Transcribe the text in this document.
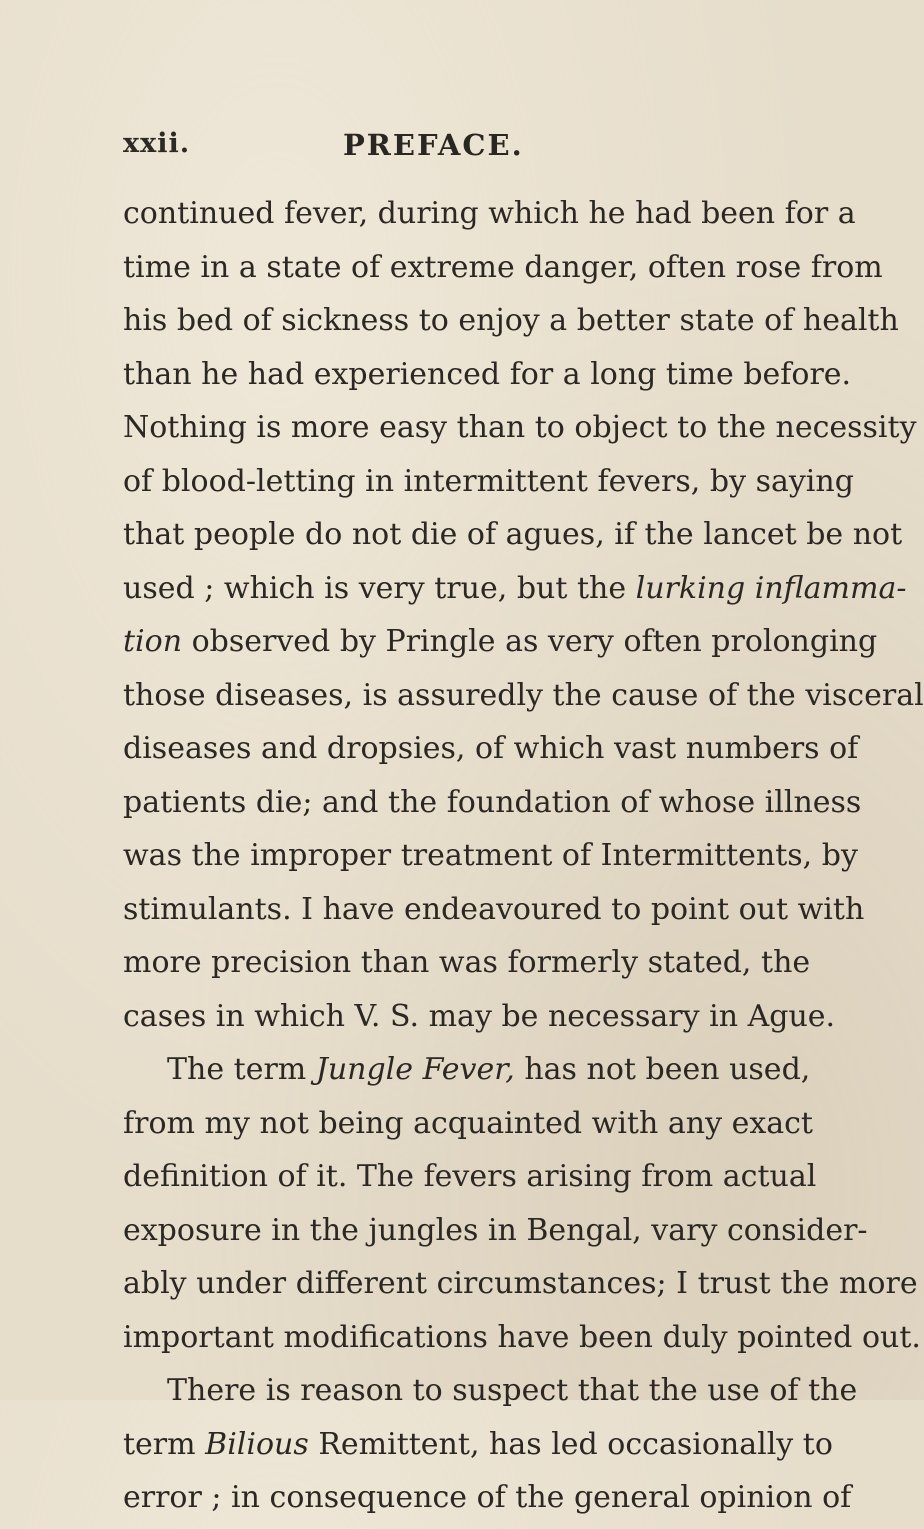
xxii.	PREFACE.
continued fever, during which he had been for a
time in a state of extreme danger, often rose from
his bed of sickness to enjoy a better state of health
than he had experienced for a long time before.
Nothing is more easy than to object to the necessity
of blood-letting in intermittent fevers, by saying
that people do not die of agues, if the lancet be not
used ; which is very true, but the lurking inflamma-
tion observed by Pringle as very often prolonging
those diseases, is assuredly the cause of the visceral
diseases and dropsies, of which vast numbers of
patients die; and the foundation of whose illness
was the improper treatment of Intermittents, by
stimulants. I have endeavoured to point out with
more precision than was formerly stated, the
cases in which V. S. may be necessary in Ague.
The term Jungle Fever, has not been used,
from my not being acquainted with any exact
definition of it. The fevers arising from actual
exposure in the jungles in Bengal, vary consider-
ably under different circumstances; I trust the more
important modifications have been duly pointed out.
There is reason to suspect that the use of the
term Bilious Remittent, has led occasionally to
error ; in consequence of the general opinion of
